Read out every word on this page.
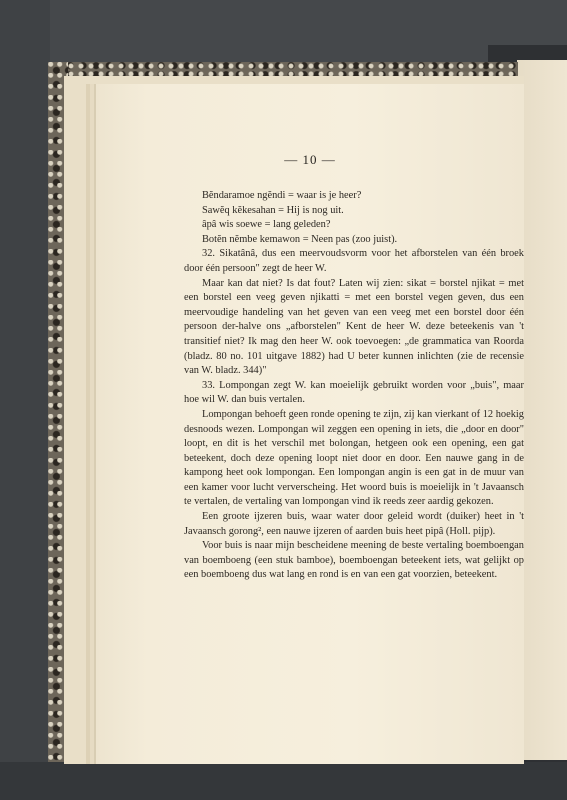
— 10 —
Bĕndaramoe ngĕndi = waar is je heer?
Sawĕq kĕkesahan = Hij is nog uit.
âpâ wis soewe = lang geleden?
Botĕn nĕmbe kemawon = Neen pas (zoo juist).

32. Sikatânâ, dus een meervoudsvorm voor het afborstelen van één broek door één persoon" zegt de heer W.

Maar kan dat niet? Is dat fout? Laten wij zien: sikat = borstel njikat = met een borstel een veeg geven njikatti = met een borstel vegen geven, dus een meervoudige handeling van het geven van een veeg met een borstel door één persoon der-halve ons „afborstelen" Kent de heer W. deze beteekenis van 't transitief niet? Ik mag den heer W. ook toevoegen: „de grammatica van Roorda (bladz. 80 no. 101 uitgave 1882) had U beter kunnen inlichten (zie de recensie van W. bladz. 344)"

33. Lompongan zegt W. kan moeielijk gebruikt worden voor „buis", maar hoe wil W. dan buis vertalen.

Lompongan behoeft geen ronde opening te zijn, zij kan vierkant of 12 hoekig desnoods wezen. Lompongan wil zeggen een opening in iets, die „door en door" loopt, en dit is het verschil met bolongan, hetgeen ook een opening, een gat beteekent, doch deze opening loopt niet door en door. Een nauwe gang in de kampong heet ook lompongan. Een lompongan angin is een gat in de muur van een kamer voor lucht ververscheing. Het woord buis is moeielijk in 't Javaansch te vertalen, de vertaling van lompongan vind ik reeds zeer aardig gekozen.

Een groote ijzeren buis, waar water door geleid wordt (duiker) heet in 't Javaansch gorong², een nauwe ijzeren of aarden buis heet pipâ (Holl. pijp).

Voor buis is naar mijn bescheidene meening de beste vertaling boemboengan van boemboeng (een stuk bamboe), boemboengan beteekent iets, wat gelijkt op een boemboeng dus wat lang en rond is en van een gat voorzien, beteekent.
